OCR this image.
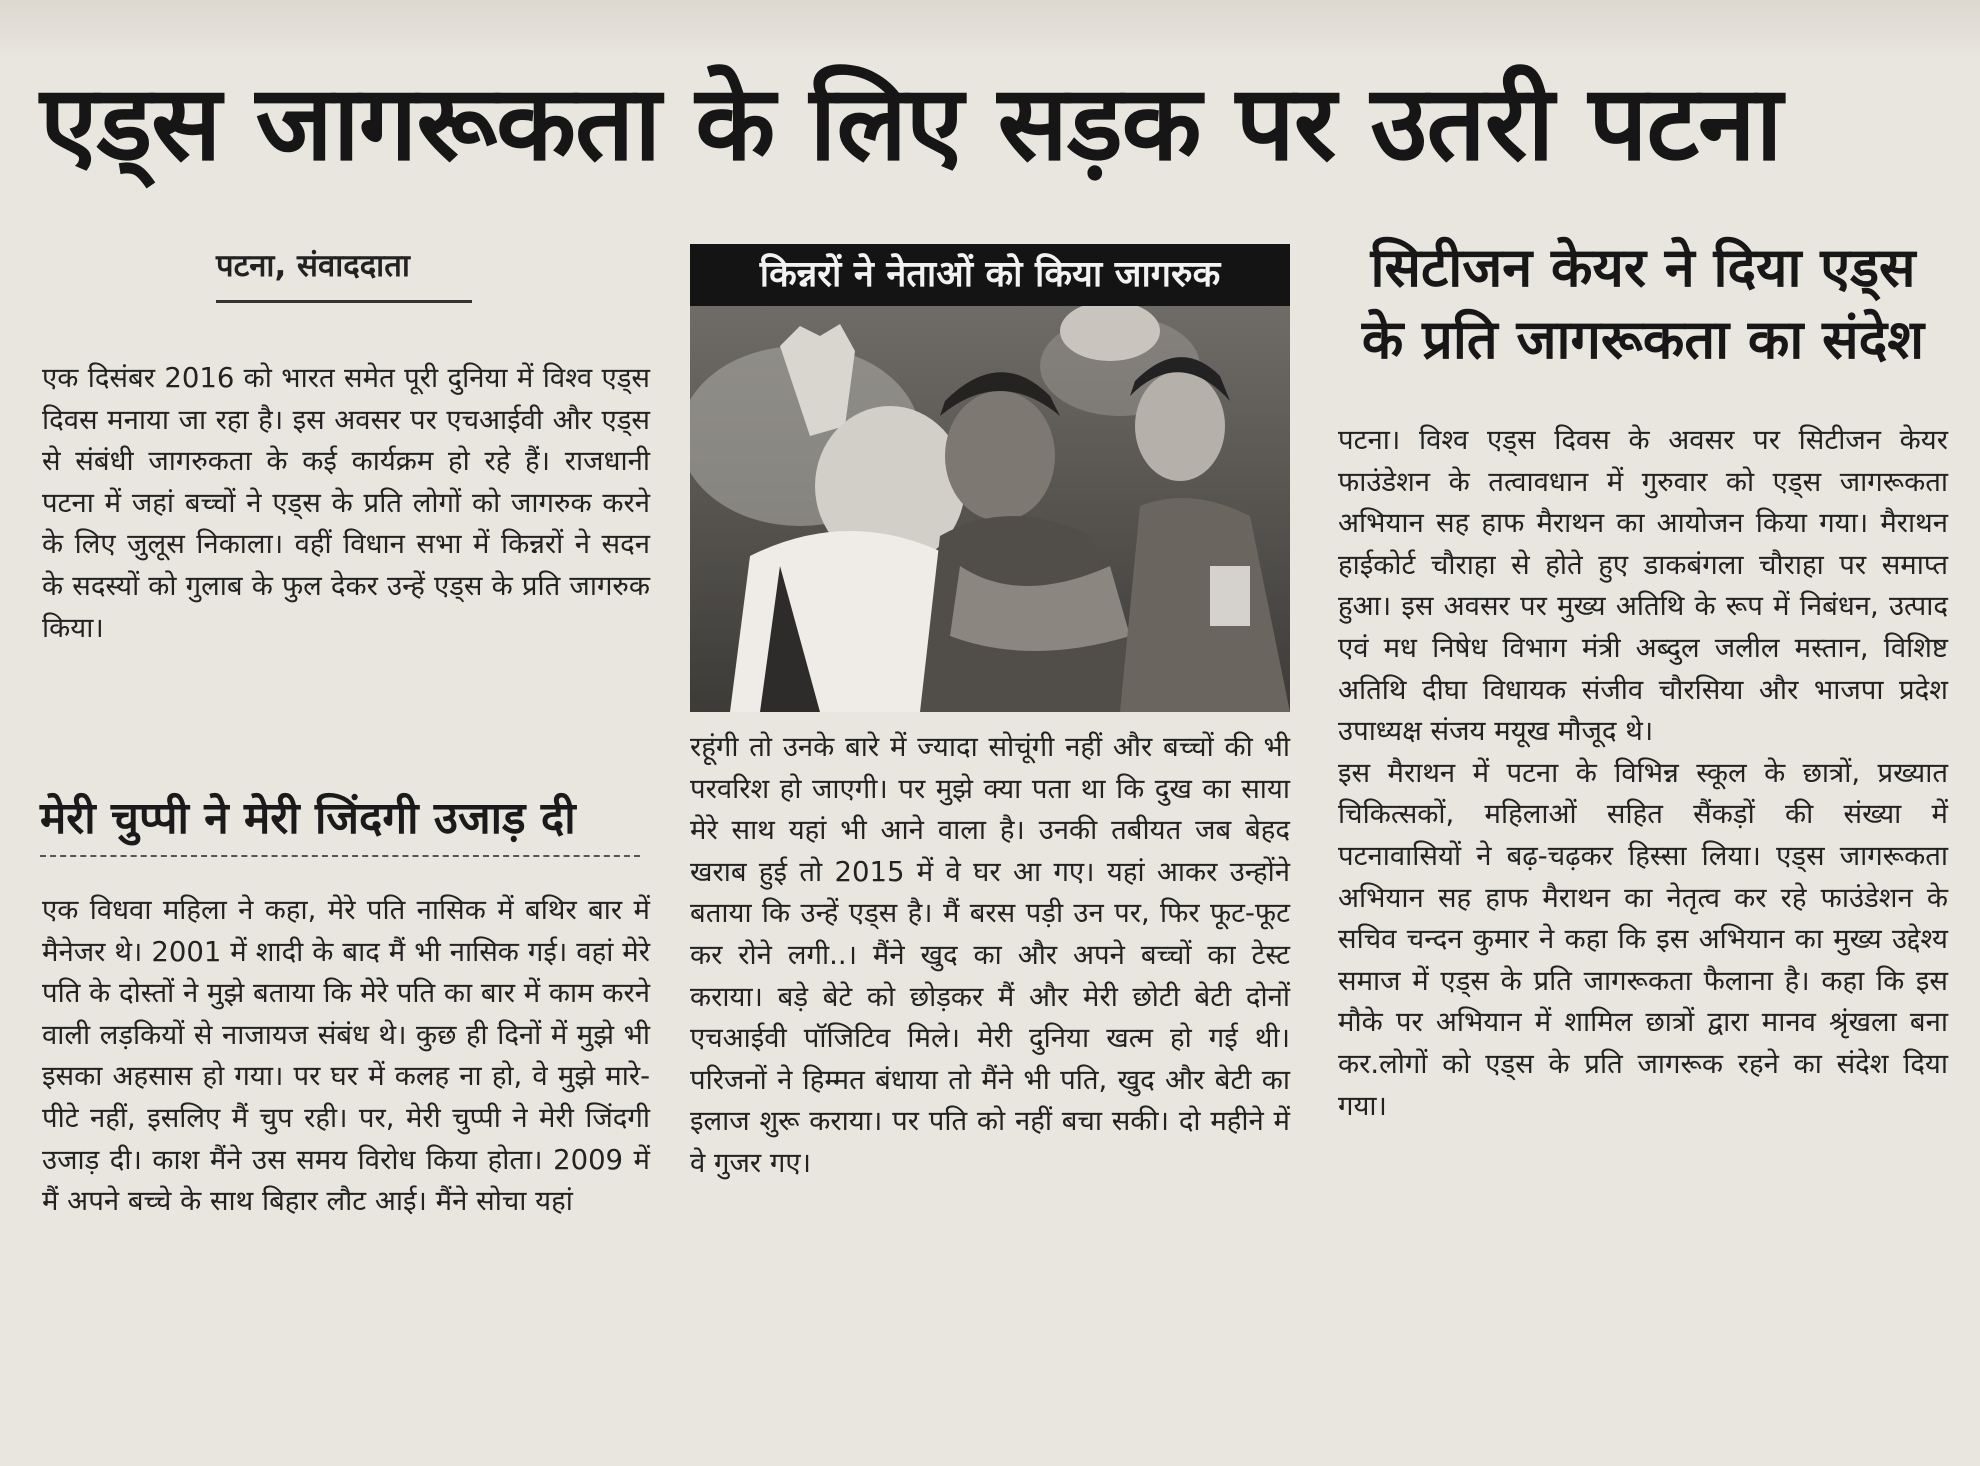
एड्स जागरूकता के लिए सड़क पर उतरी पटना
पटना, संवाददाता

एक दिसंबर 2016 को भारत समेत पूरी दुनिया में विश्व एड्स दिवस मनाया जा रहा है। इस अवसर पर एचआईवी और एड्स से संबंधी जागरुकता के कई कार्यक्रम हो रहे हैं। राजधानी पटना में जहां बच्चों ने एड्स के प्रति लोगों को जागरुक करने के लिए जुलूस निकाला। वहीं विधान सभा में किन्नरों ने सदन के सदस्यों को गुलाब के फुल देकर उन्हें एड्स के प्रति जागरुक किया।

मेरी चुप्पी ने मेरी जिंदगी उजाड़ दी

एक विधवा महिला ने कहा, मेरे पति नासिक में बथिर बार में मैनेजर थे। 2001 में शादी के बाद मैं भी नासिक गई। वहां मेरे पति के दोस्तों ने मुझे बताया कि मेरे पति का बार में काम करने वाली लड़कियों से नाजायज संबंध थे। कुछ ही दिनों में मुझे भी इसका अहसास हो गया। पर घर में कलह ना हो, वे मुझे मारे-पीटे नहीं, इसलिए मैं चुप रही। पर, मेरी चुप्पी ने मेरी जिंदगी उजाड़ दी। काश मैंने उस समय विरोध किया होता। 2009 में मैं अपने बच्चे के साथ बिहार लौट आई। मैंने सोचा यहां

किन्नरों ने नेताओं को किया जागरुक

रहूंगी तो उनके बारे में ज्यादा सोचूंगी नहीं और बच्चों की भी परवरिश हो जाएगी। पर मुझे क्या पता था कि दुख का साया मेरे साथ यहां भी आने वाला है। उनकी तबीयत जब बेहद खराब हुई तो 2015 में वे घर आ गए। यहां आकर उन्होंने बताया कि उन्हें एड्स है। मैं बरस पड़ी उन पर, फिर फूट-फूट कर रोने लगी..। मैंने खुद का और अपने बच्चों का टेस्ट कराया। बड़े बेटे को छोड़कर मैं और मेरी छोटी बेटी दोनों एचआईवी पॉजिटिव मिले। मेरी दुनिया खत्म हो गई थी। परिजनों ने हिम्मत बंधाया तो मैंने भी पति, खुद और बेटी का इलाज शुरू कराया। पर पति को नहीं बचा सकी। दो महीने में वे गुजर गए।

सिटीजन केयर ने दिया एड्स
के प्रति जागरूकता का संदेश

पटना। विश्व एड्स दिवस के अवसर पर सिटीजन केयर फाउंडेशन के तत्वावधान में गुरुवार को एड्स जागरूकता अभियान सह हाफ मैराथन का आयोजन किया गया। मैराथन हाईकोर्ट चौराहा से होते हुए डाकबंगला चौराहा पर समाप्त हुआ। इस अवसर पर मुख्य अतिथि के रूप में निबंधन, उत्पाद एवं मध निषेध विभाग मंत्री अब्दुल जलील मस्तान, विशिष्ट अतिथि दीघा विधायक संजीव चौरसिया और भाजपा प्रदेश उपाध्यक्ष संजय मयूख मौजूद थे।

इस मैराथन में पटना के विभिन्न स्कूल के छात्रों, प्रख्यात चिकित्सकों, महिलाओं सहित सैंकड़ों की संख्या में पटनावासियों ने बढ़-चढ़कर हिस्सा लिया। एड्स जागरूकता अभियान सह हाफ मैराथन का नेतृत्व कर रहे फाउंडेशन के सचिव चन्दन कुमार ने कहा कि इस अभियान का मुख्य उद्देश्य समाज में एड्स के प्रति जागरूकता फैलाना है। कहा कि इस मौके पर अभियान में शामिल छात्रों द्वारा मानव श्रृंखला बना कर.लोगों को एड्स के प्रति जागरूक रहने का संदेश दिया गया।
